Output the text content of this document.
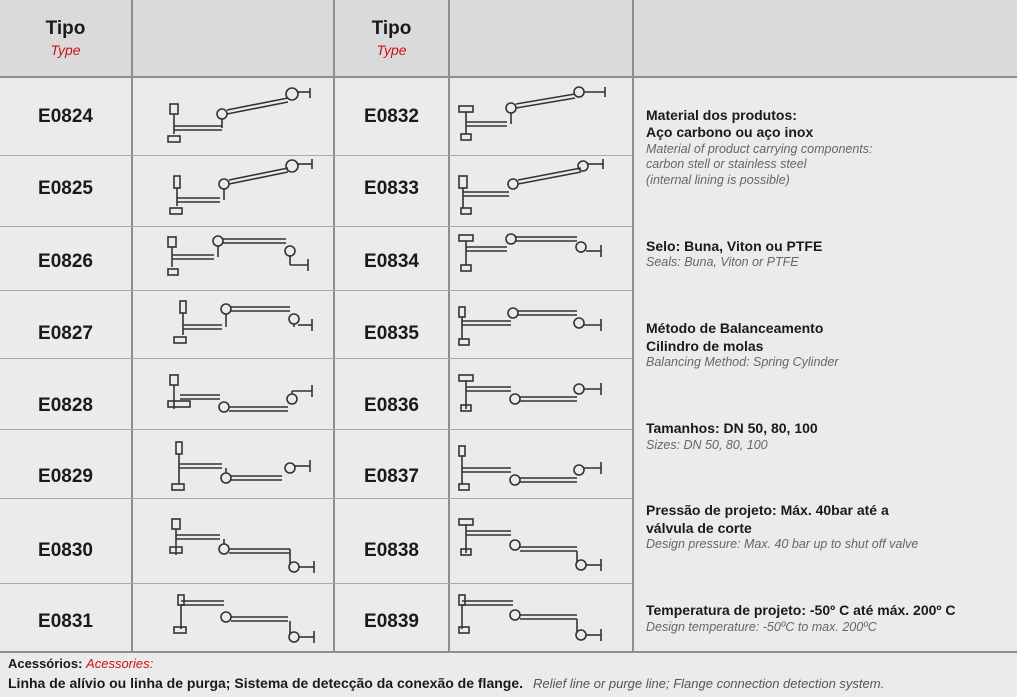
Tipo
Type
Tipo
Type
E0824
E0825
E0826
E0827
E0828
E0829
E0830
E0831
E0832
E0833
E0834
E0835
E0836
E0837
E0838
E0839
Material dos produtos:
Aço carbono ou aço inox
Material of product carrying components:
carbon stell or stainless steel
(internal lining is possible)
Selo: Buna, Viton ou PTFE
Seals: Buna, Viton or PTFE
Método de Balanceamento
Cilindro de molas
Balancing Method: Spring Cylinder
Tamanhos: DN 50, 80, 100
Sizes: DN 50, 80, 100
Pressão de projeto: Máx. 40bar até a
válvula de corte
Design pressure: Max. 40 bar up to shut off valve
Temperatura de projeto: -50º C até máx. 200º C
Design temperature: -50ºC to max. 200ºC
Acessórios: Acessories:
Linha de alívio ou linha de purga; Sistema de detecção da conexão de flange. Relief line or purge line; Flange connection detection system.
